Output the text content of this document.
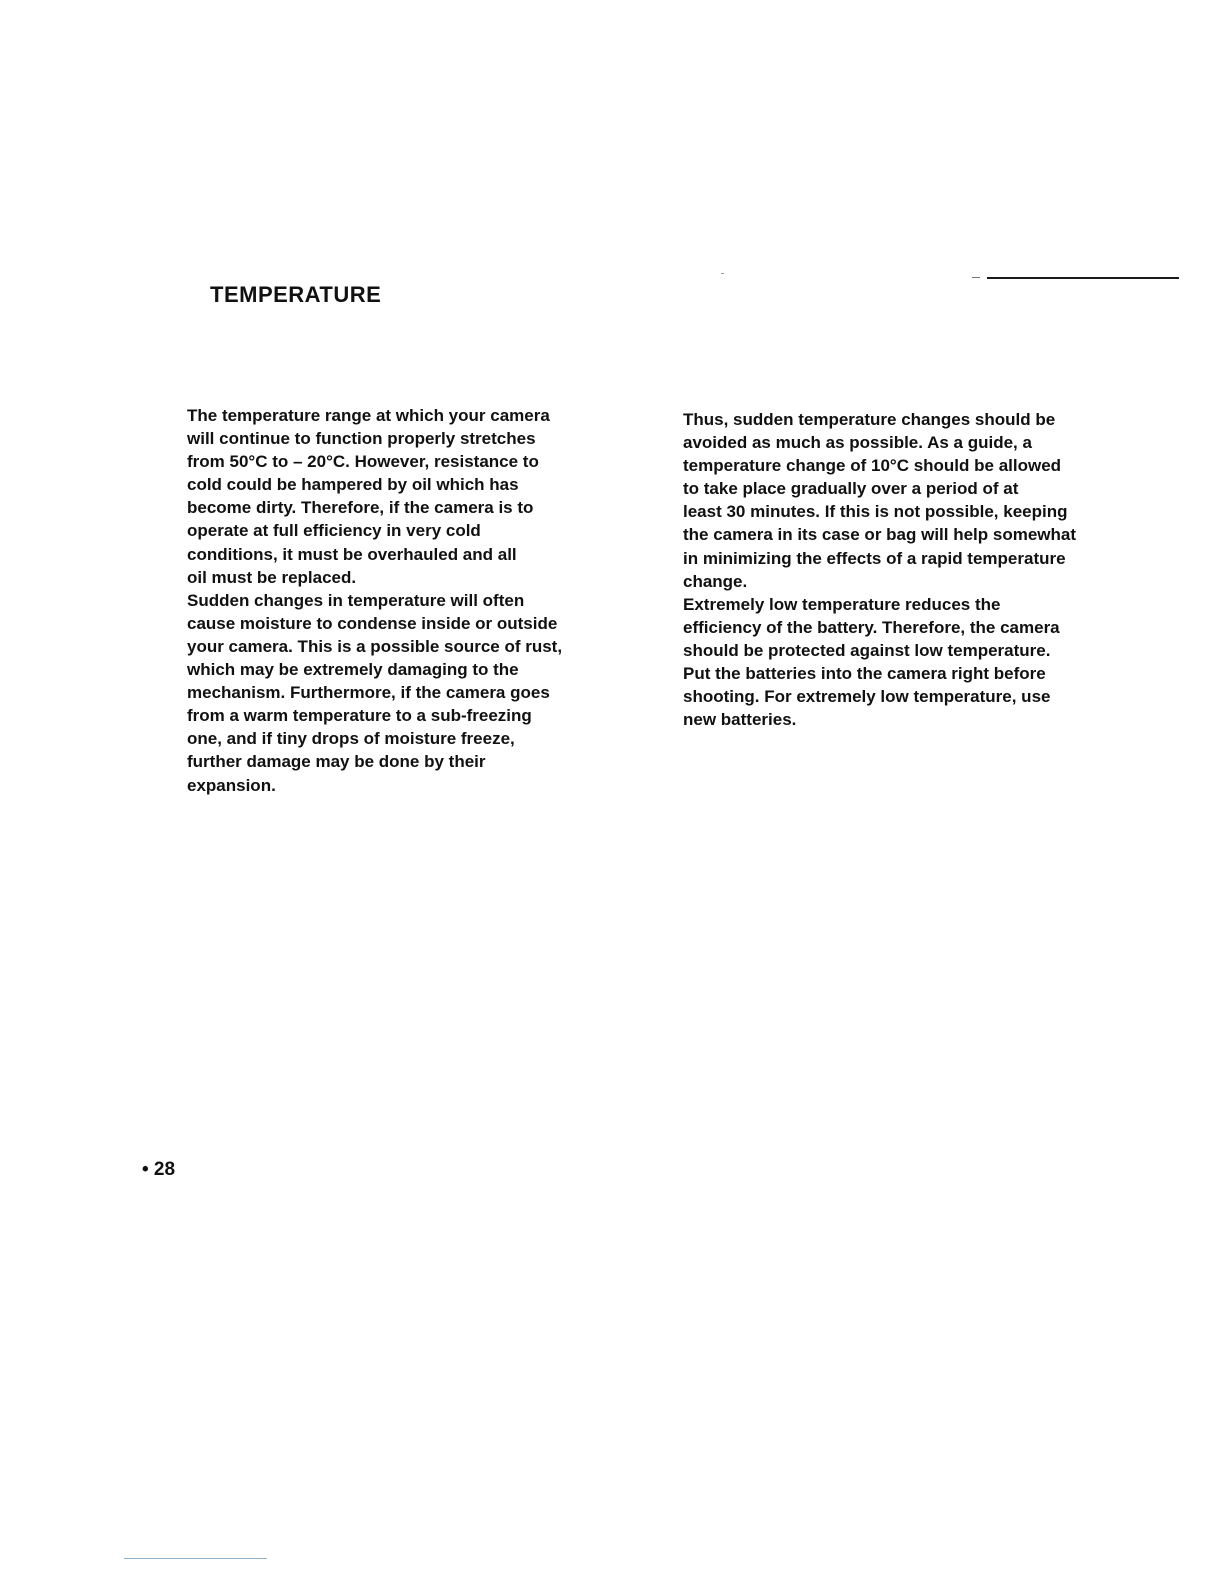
TEMPERATURE
The temperature range at which your camera
will continue to function properly stretches
from 50°C to – 20°C. However, resistance to
cold could be hampered by oil which has
become dirty. Therefore, if the camera is to
operate at full efficiency in very cold
conditions, it must be overhauled and all
oil must be replaced.
Sudden changes in temperature will often
cause moisture to condense inside or outside
your camera. This is a possible source of rust,
which may be extremely damaging to the
mechanism. Furthermore, if the camera goes
from a warm temperature to a sub-freezing
one, and if tiny drops of moisture freeze,
further damage may be done by their
expansion.
Thus, sudden temperature changes should be
avoided as much as possible. As a guide, a
temperature change of 10°C should be allowed
to take place gradually over a period of at
least 30 minutes. If this is not possible, keeping
the camera in its case or bag will help somewhat
in minimizing the effects of a rapid temperature
change.
Extremely low temperature reduces the
efficiency of the battery. Therefore, the camera
should be protected against low temperature.
Put the batteries into the camera right before
shooting. For extremely low temperature, use
new batteries.
• 28
